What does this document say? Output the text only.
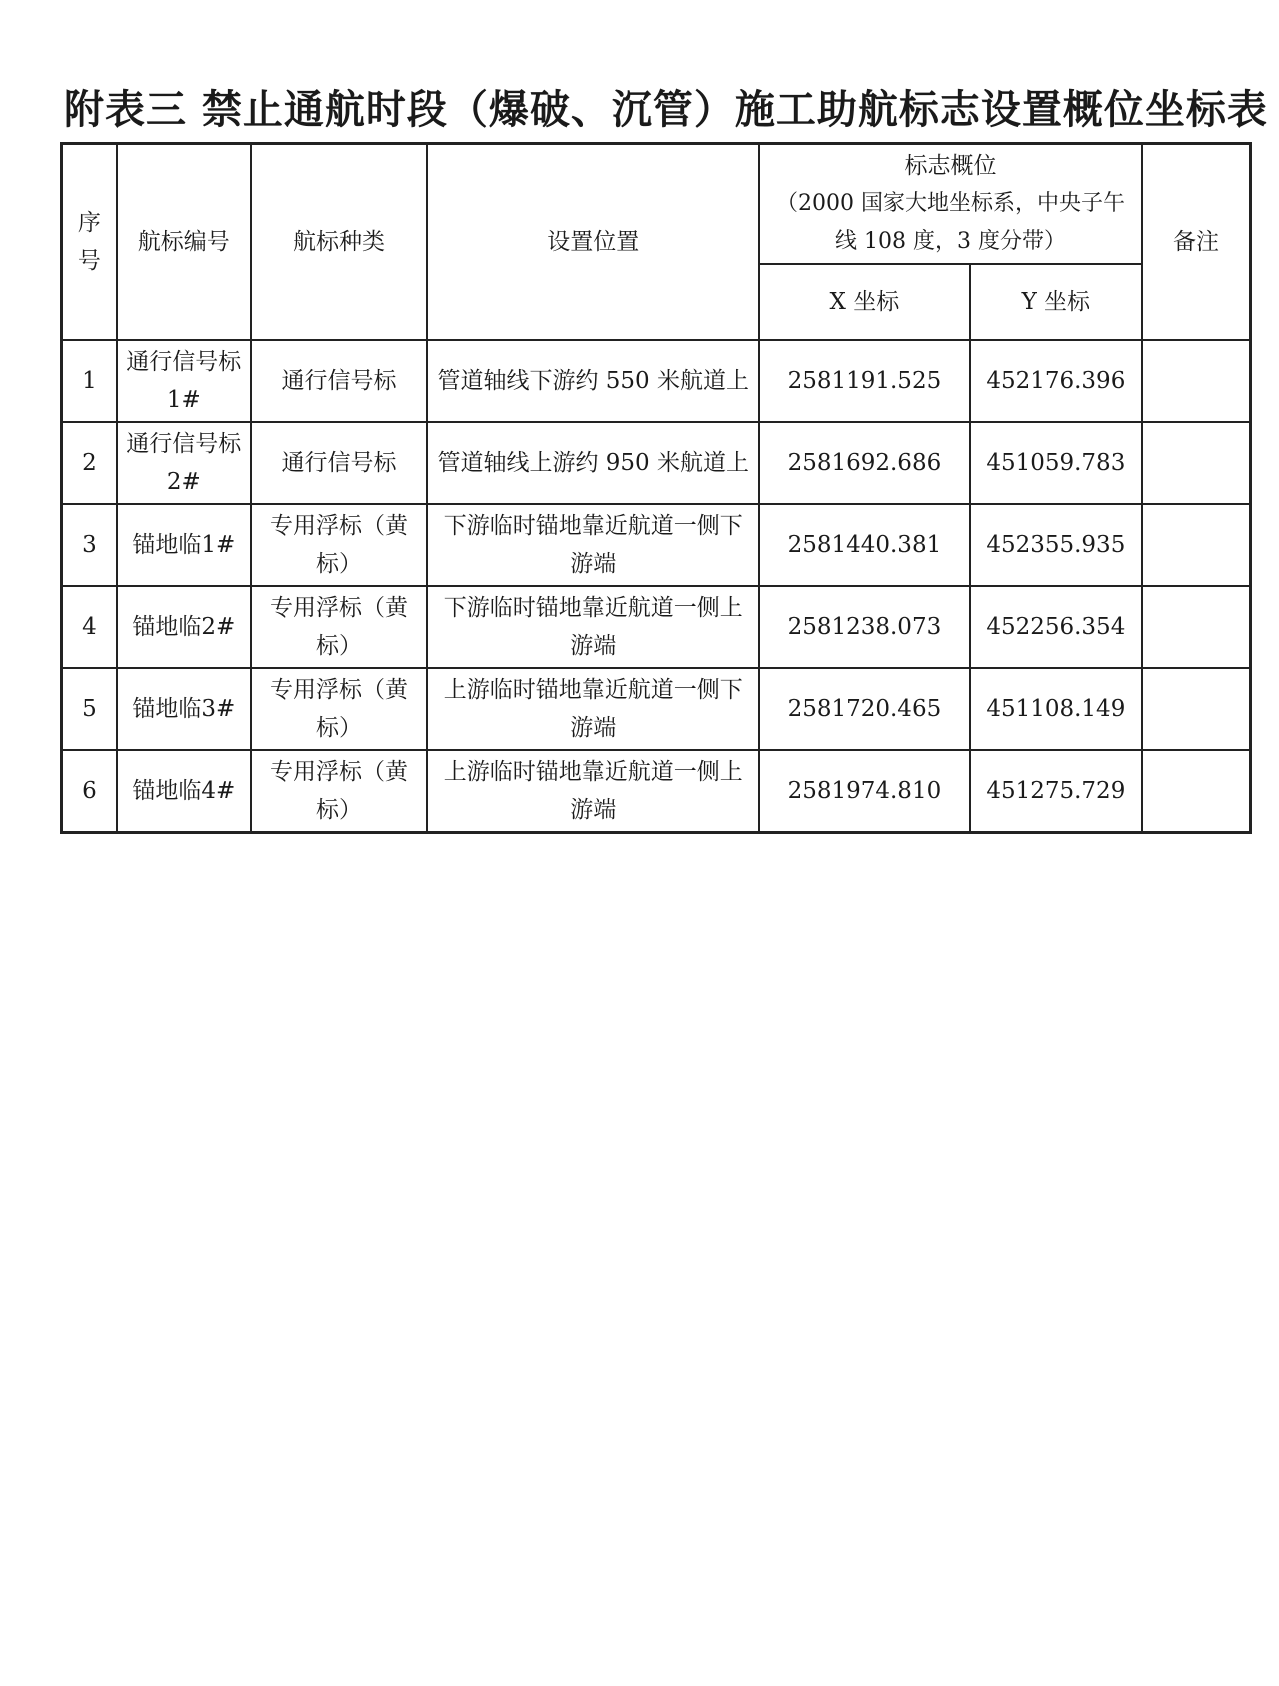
附表三 禁止通航时段（爆破、沉管）施工助航标志设置概位坐标表
序号	航标编号	航标种类	设置位置	标志概位
（2000 国家大地坐标系，中央子午线 108 度，3 度分带）		备注
				X 坐标	Y 坐标	
1	通行信号标 1#	通行信号标	管道轴线下游约 550 米航道上	2581191.525	452176.396	
2	通行信号标 2#	通行信号标	管道轴线上游约 950 米航道上	2581692.686	451059.783	
3	锚地临1#	专用浮标（黄标）	下游临时锚地靠近航道一侧下游端	2581440.381	452355.935	
4	锚地临2#	专用浮标（黄标）	下游临时锚地靠近航道一侧上游端	2581238.073	452256.354	
5	锚地临3#	专用浮标（黄标）	上游临时锚地靠近航道一侧下游端	2581720.465	451108.149	
6	锚地临4#	专用浮标（黄标）	上游临时锚地靠近航道一侧上游端	2581974.810	451275.729	
